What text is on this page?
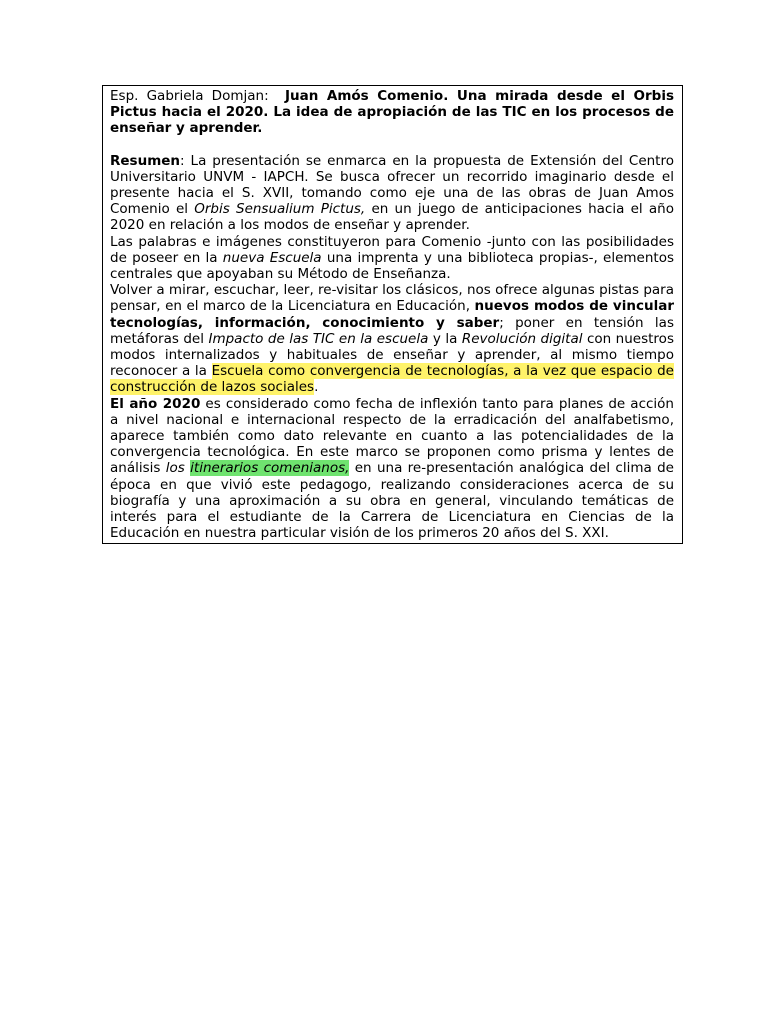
Esp. Gabriela Domjan: Juan Amós Comenio. Una mirada desde el Orbis Pictus hacia el 2020. La idea de apropiación de las TIC en los procesos de enseñar y aprender.

Resumen: La presentación se enmarca en la propuesta de Extensión del Centro Universitario UNVM - IAPCH. Se busca ofrecer un recorrido imaginario desde el presente hacia el S. XVII, tomando como eje una de las obras de Juan Amos Comenio el Orbis Sensualium Pictus, en un juego de anticipaciones hacia el año 2020 en relación a los modos de enseñar y aprender.

Las palabras e imágenes constituyeron para Comenio -junto con las posibilidades de poseer en la nueva Escuela una imprenta y una biblioteca propias-, elementos centrales que apoyaban su Método de Enseñanza.

Volver a mirar, escuchar, leer, re-visitar los clásicos, nos ofrece algunas pistas para pensar, en el marco de la Licenciatura en Educación, nuevos modos de vincular tecnologías, información, conocimiento y saber; poner en tensión las metáforas del Impacto de las TIC en la escuela y la Revolución digital con nuestros modos internalizados y habituales de enseñar y aprender, al mismo tiempo reconocer a la Escuela como convergencia de tecnologías, a la vez que espacio de construcción de lazos sociales.

El año 2020 es considerado como fecha de inflexión tanto para planes de acción a nivel nacional e internacional respecto de la erradicación del analfabetismo, aparece también como dato relevante en cuanto a las potencialidades de la convergencia tecnológica. En este marco se proponen como prisma y lentes de análisis los itinerarios comenianos, en una re-presentación analógica del clima de época en que vivió este pedagogo, realizando consideraciones acerca de su biografía y una aproximación a su obra en general, vinculando temáticas de interés para el estudiante de la Carrera de Licenciatura en Ciencias de la Educación en nuestra particular visión de los primeros 20 años del S. XXI.
